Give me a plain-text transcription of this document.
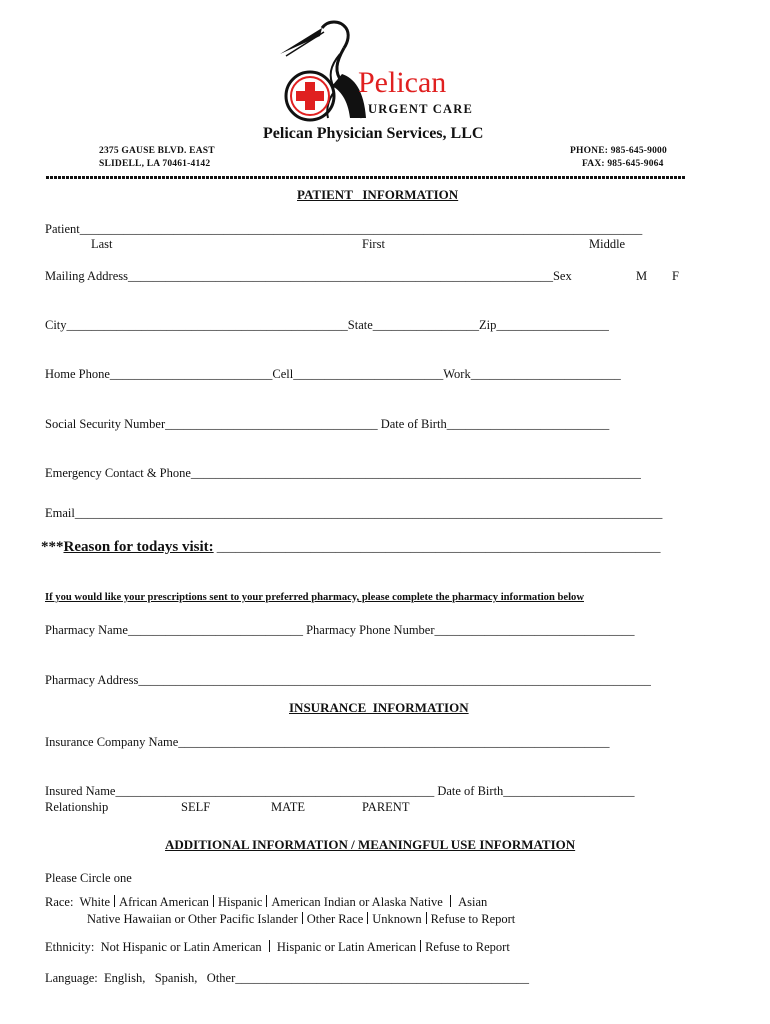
Pelican
URGENT CARE
Pelican Physician Services, LLC
2375 GAUSE BLVD. EAST
SLIDELL, LA 70461-4142
PHONE: 985-645-9000
FAX: 985-645-9064
PATIENT   INFORMATION
Patient__________________________________________________________________________________________
Last	First	Middle
Mailing Address____________________________________________________________________Sex	M F
City_____________________________________________State_________________Zip__________________
Home Phone__________________________Cell________________________Work________________________
Social Security Number__________________________________ Date of Birth__________________________
Emergency Contact & Phone________________________________________________________________________
Email______________________________________________________________________________________________
***Reason for todays visit: _______________________________________________________________________
If you would like your prescriptions sent to your preferred pharmacy, please complete the pharmacy information below
Pharmacy Name____________________________ Pharmacy Phone Number________________________________
Pharmacy Address__________________________________________________________________________________
INSURANCE  INFORMATION
Insurance Company Name_____________________________________________________________________
Insured Name___________________________________________________ Date of Birth_____________________
Relationship	SELF	MATE	PARENT
ADDITIONAL INFORMATION / MEANINGFUL USE INFORMATION
Please Circle one
Race: White African American Hispanic American Indian or Alaska Native Asian
Native Hawaiian or Other Pacific Islander Other Race Unknown Refuse to Report
Ethnicity: Not Hispanic or Latin American Hispanic or Latin American Refuse to Report
Language:  English,   Spanish,   Other_______________________________________________
